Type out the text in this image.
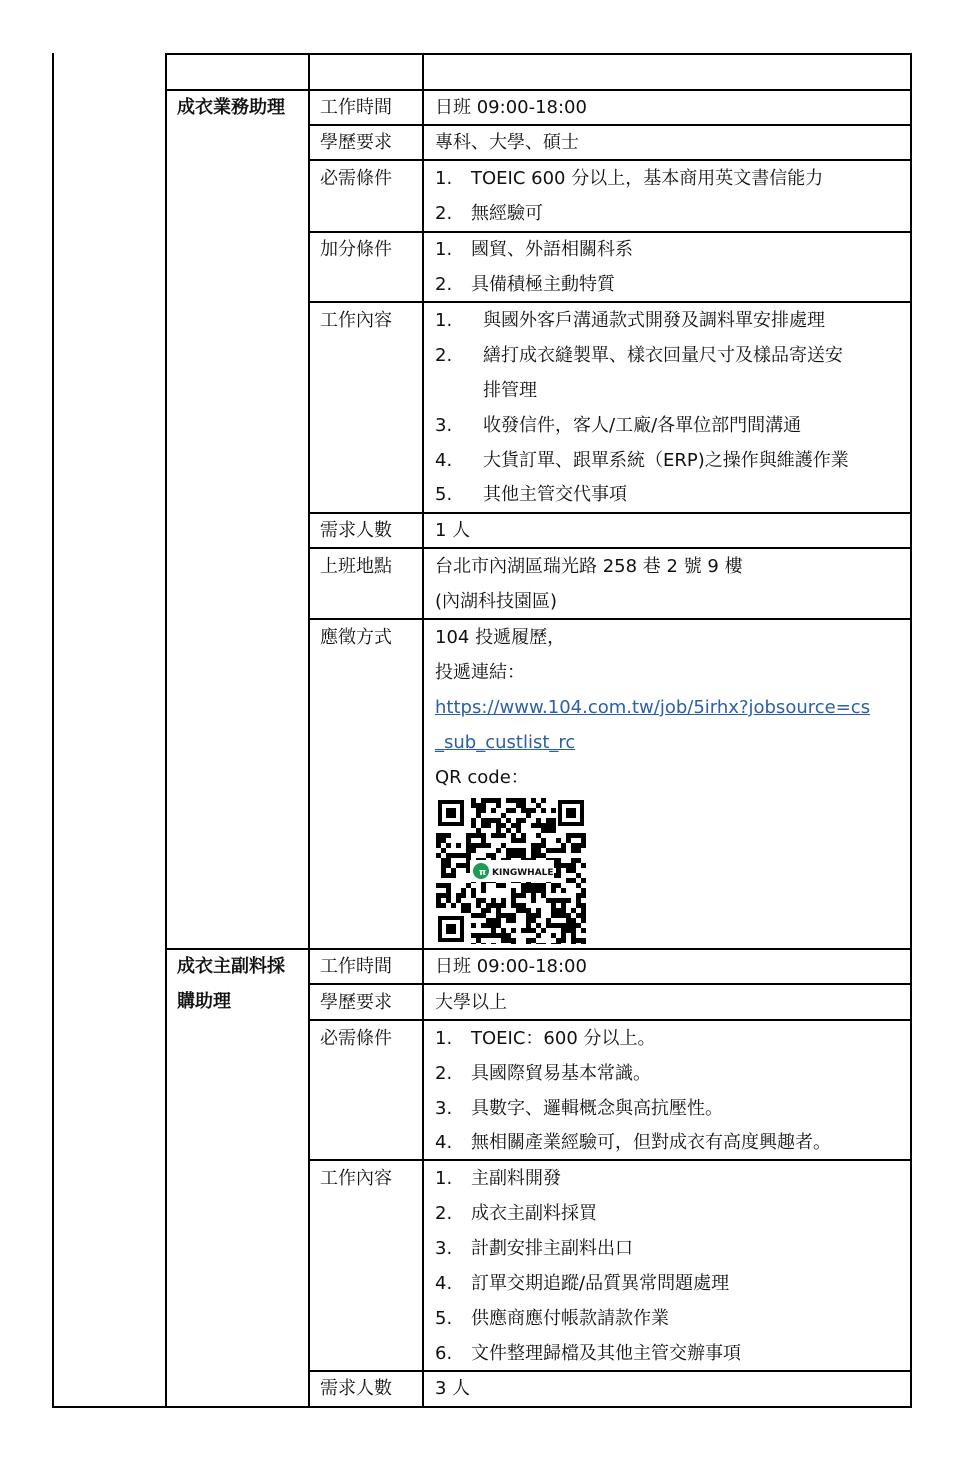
成衣業務助理 工作時間 日班 09:00-18:00
學歷要求 專科、大學、碩士
必需條件 1. TOEIC 600 分以上，基本商用英文書信能力
2. 無經驗可
加分條件 1. 國貿、外語相關科系
2. 具備積極主動特質
工作內容 1. 與國外客戶溝通款式開發及調料單安排處理
2. 繕打成衣縫製單、樣衣回量尺寸及樣品寄送安
排管理
3. 收發信件，客人/工廠/各單位部門間溝通
4. 大貨訂單、跟單系統（ERP)之操作與維護作業
5. 其他主管交代事項
需求人數 1 人
上班地點 台北市內湖區瑞光路 258 巷 2 號 9 樓
(內湖科技園區)
應徵方式 104 投遞履歷，
投遞連結：
https://www.104.com.tw/job/5irhx?jobsource=cs
_sub_custlist_rc
QR code：
π KINGWHALE
成衣主副料採
購助理
工作時間 日班 09:00-18:00
學歷要求 大學以上
必需條件 1. TOEIC：600 分以上。
2. 具國際貿易基本常識。
3. 具數字、邏輯概念與高抗壓性。
4. 無相關產業經驗可，但對成衣有高度興趣者。
工作內容 1. 主副料開發
2. 成衣主副料採買
3. 計劃安排主副料出口
4. 訂單交期追蹤/品質異常問題處理
5. 供應商應付帳款請款作業
6. 文件整理歸檔及其他主管交辦事項
需求人數 3 人
